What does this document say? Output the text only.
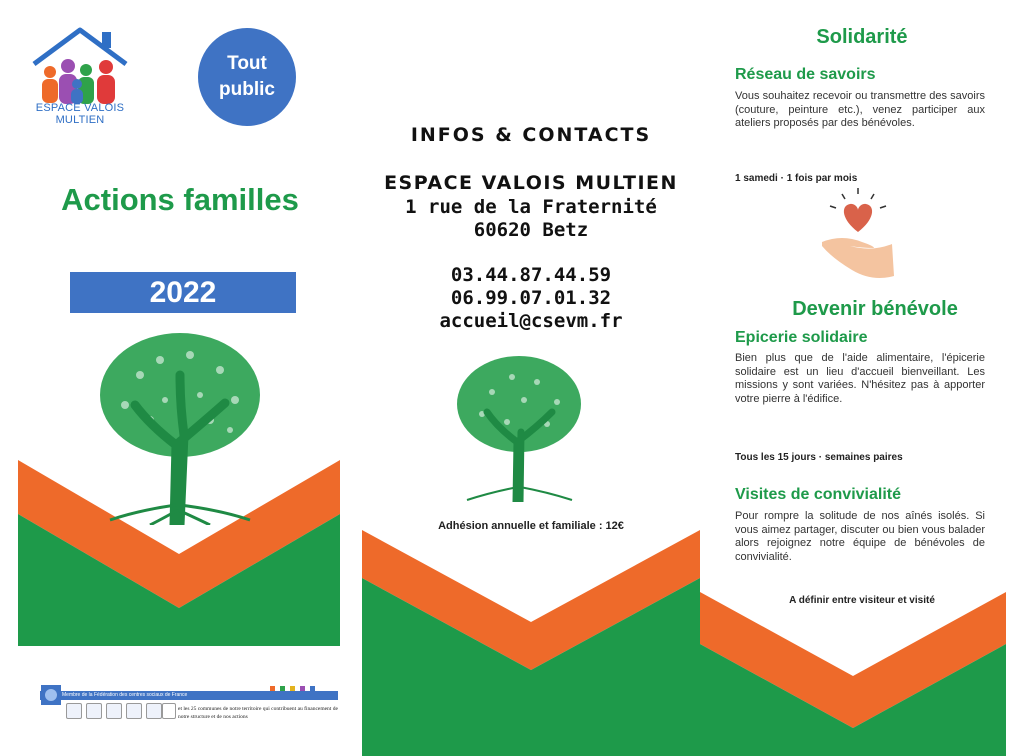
ESPACE VALOIS
MULTIEN
Tout
public
Actions familles
2022
Membre de la Fédération des centres sociaux de France
et les 25 communes de notre territoire qui contribuent au financement de notre structure et de nos actions
INFOS & CONTACTS
ESPACE VALOIS MULTIEN
1 rue de la Fraternité
60620 Betz
03.44.87.44.59
06.99.07.01.32
accueil@csevm.fr
Adhésion annuelle et familiale : 12€
Solidarité
Réseau de savoirs
Vous souhaitez recevoir ou transmettre des savoirs (couture, peinture etc.), venez participer aux ateliers proposés par des bénévoles.
1 samedi · 1 fois par mois
Devenir bénévole
Epicerie solidaire
Bien plus que de l'aide alimentaire, l'épicerie solidaire est un lieu d'accueil bienveillant. Les missions y sont variées. N'hésitez pas à apporter votre pierre à l'édifice.
Tous les 15 jours · semaines paires
Visites de convivialité
Pour rompre la solitude de nos aînés isolés. Si vous aimez partager, discuter ou bien vous balader alors rejoignez notre équipe de bénévoles de convivialité.
A définir entre visiteur et visité
